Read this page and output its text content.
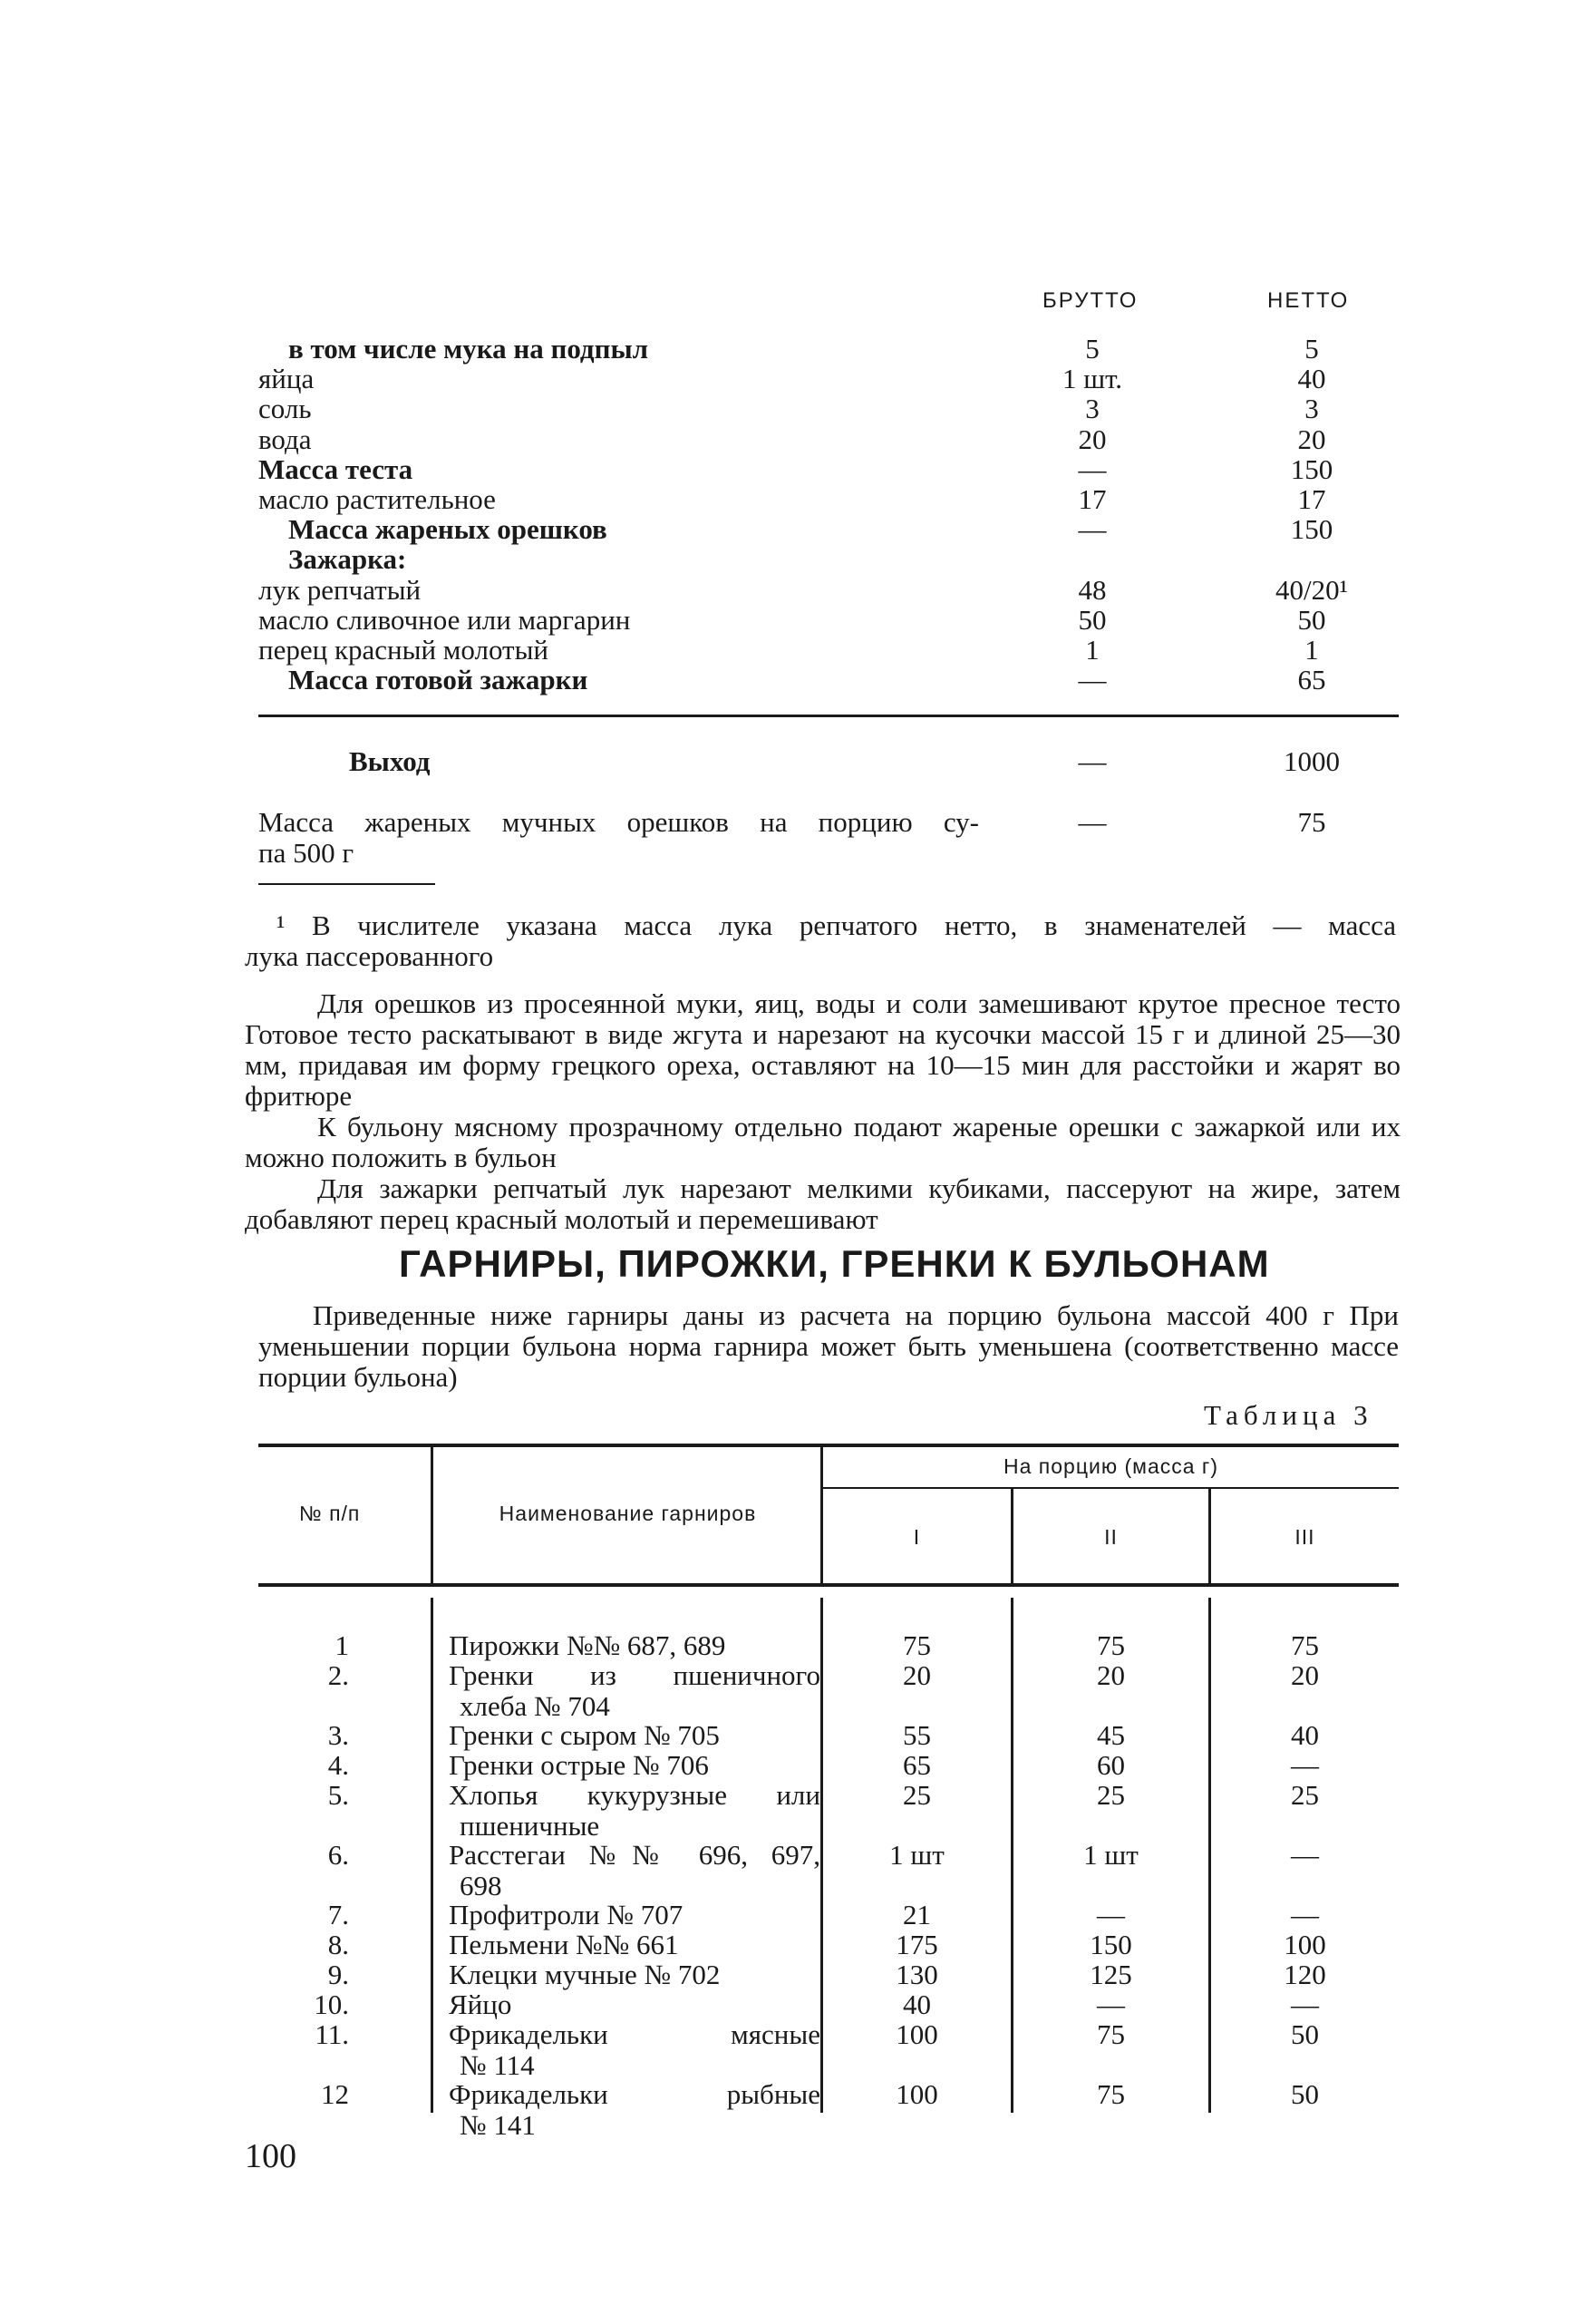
БРУТТО	НЕТТО
в том числе мука на подпыл	5	5
яйца	1 шт.	40
соль	3	3
вода	20	20
Масса теста	—	150
масло растительное	17	17
Масса жареных орешков	—	150
Зажарка:
лук репчатый	48	40/20¹
масло сливочное или маргарин	50	50
перец красный молотый	1	1
Масса готовой зажарки	—	65
Выход	—	1000
Масса жареных мучных орешков на порцию су-
па 500 г
—	75
¹ В числителе указана масса лука репчатого нетто, в знаменателей — масса
лука пассерованного
Для орешков из просеянной муки, яиц, воды и соли замешивают крутое пресное тесто Готовое тесто раскатывают в виде жгута и нарезают на кусочки массой 15 г и длиной 25—30 мм, придавая им форму грецкого ореха, оставляют на 10—15 мин для расстойки и жарят во фритюре
К бульону мясному прозрачному отдельно подают жареные орешки с зажаркой или их можно положить в бульон
Для зажарки репчатый лук нарезают мелкими кубиками, пассеруют на жире, затем добавляют перец красный молотый и перемешивают
ГАРНИРЫ, ПИРОЖКИ, ГРЕНКИ К БУЛЬОНАМ
Приведенные ниже гарниры даны из расчета на порцию бульона массой 400 г При уменьшении порции бульона норма гарнира может быть уменьшена (соответственно массе порции бульона)
Таблица 3
№ п/п	Наименование гарниров
На порцию (масса г)
I	II	III
1	Пирожки №№ 687, 689	75	75	75
2.	Гренки из пшеничного
хлеба № 704
20	20	20
3.	Гренки с сыром № 705	55	45	40
4.	Гренки острые № 706	65	60	—
5.	Хлопья кукурузные или
пшеничные
25	25	25
6.	Расстегаи №№ 696, 697,
698
1 шт	1 шт	—
7.	Профитроли № 707	21	—	—
8.	Пельмени №№ 661	175	150	100
9.	Клецки мучные № 702	130	125	120
10.	Яйцо	40	—	—
11.	Фрикадельки мясные
№ 114
100	75	50
12	Фрикадельки рыбные
№ 141
100	75	50
100
